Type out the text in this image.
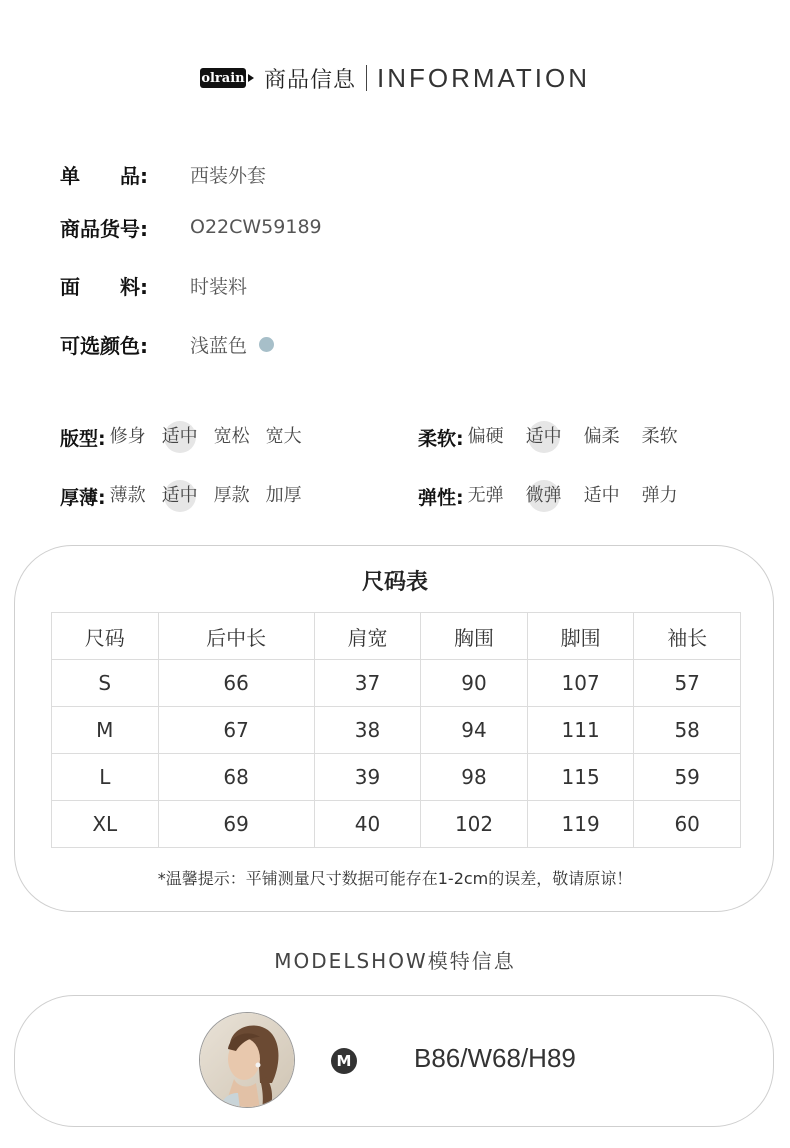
olrain 商品信息 INFORMATION
单　　品:	西装外套
商品货号:	O22CW59189
面　　料:	时装料
可选颜色:	浅蓝色
版型: 修身 适中 宽松 宽大	柔软: 偏硬 适中 偏柔 柔软
厚薄: 薄款 适中 厚款 加厚	弹性: 无弹 微弹 适中 弹力
尺码表
尺码	后中长	肩宽	胸围	脚围	袖长
S	66	37	90	107	57
M	67	38	94	111	58
L	68	39	98	115	59
XL	69	40	102	119	60
*温馨提示：平铺测量尺寸数据可能存在1-2cm的误差，敬请原谅！
MODELSHOW模特信息
M B86/W68/H89
